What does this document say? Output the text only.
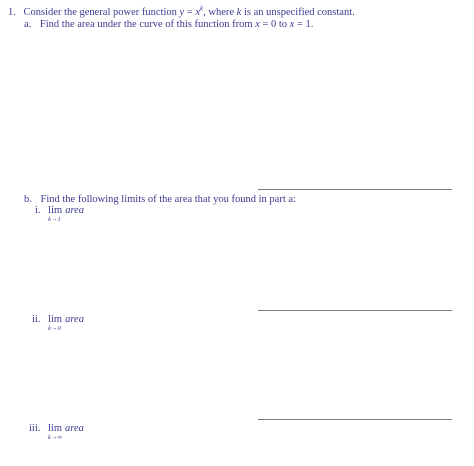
1. Consider the general power function $y = x^k$, where k is an unspecified constant.
a. Find the area under the curve of this function from x = 0 to x = 1.
b. Find the following limits of the area that you found in part a:
i. lim
k→1
area
ii. lim
k→0
area
iii. lim
k→∞
area
